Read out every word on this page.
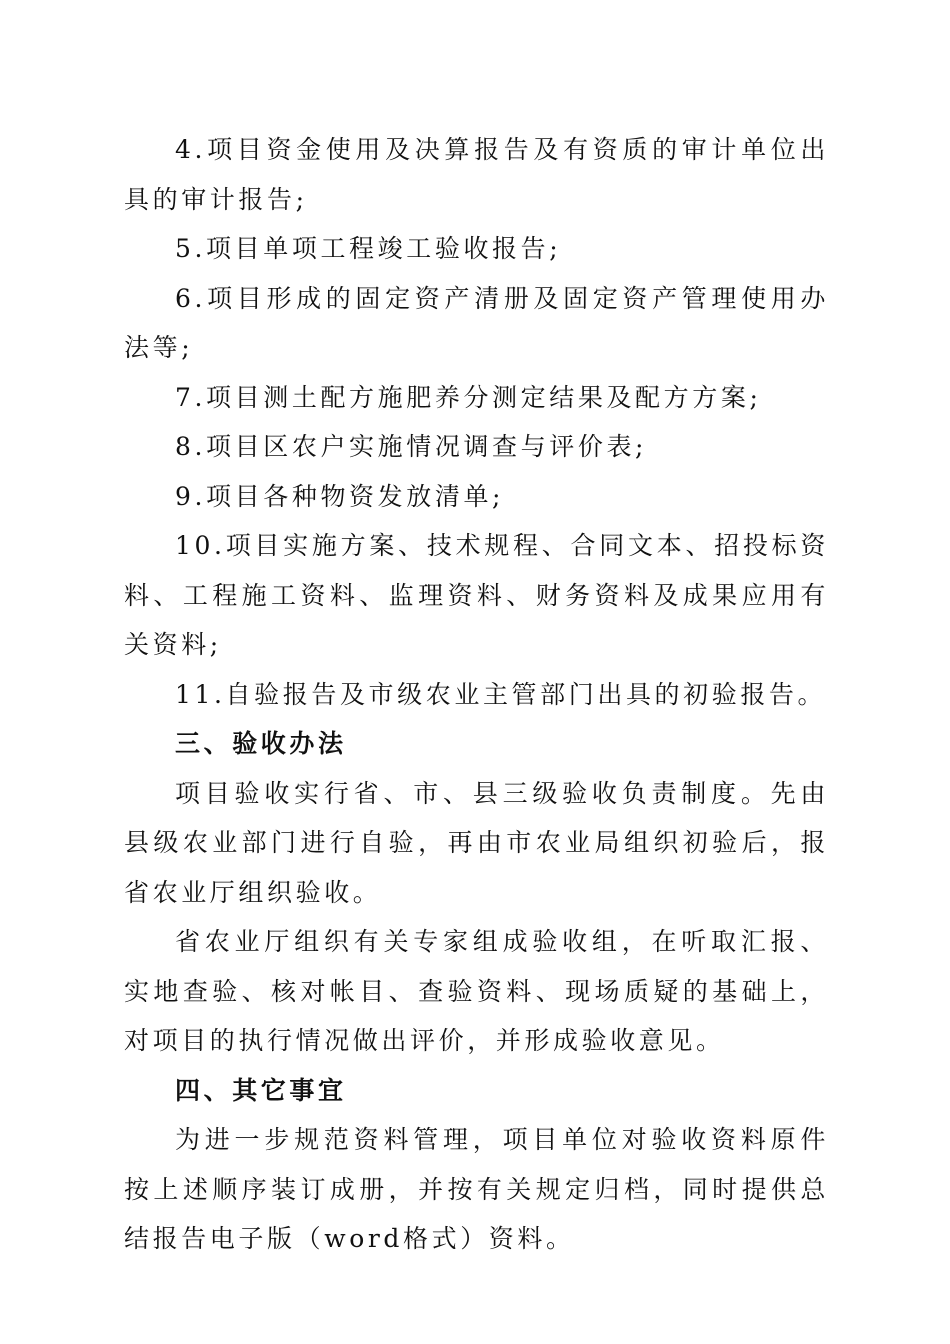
4.项目资金使用及决算报告及有资质的审计单位出具的审计报告;

5.项目单项工程竣工验收报告;

6.项目形成的固定资产清册及固定资产管理使用办法等;

7.项目测土配方施肥养分测定结果及配方方案;

8.项目区农户实施情况调查与评价表;

9.项目各种物资发放清单;

10.项目实施方案、技术规程、合同文本、招投标资料、工程施工资料、监理资料、财务资料及成果应用有关资料;

11.自验报告及市级农业主管部门出具的初验报告。

三、验收办法

项目验收实行省、市、县三级验收负责制度。先由县级农业部门进行自验，再由市农业局组织初验后，报省农业厅组织验收。

省农业厅组织有关专家组成验收组，在听取汇报、实地查验、核对帐目、查验资料、现场质疑的基础上，对项目的执行情况做出评价，并形成验收意见。

四、其它事宜

为进一步规范资料管理，项目单位对验收资料原件按上述顺序装订成册，并按有关规定归档，同时提供总结报告电子版（word格式）资料。
